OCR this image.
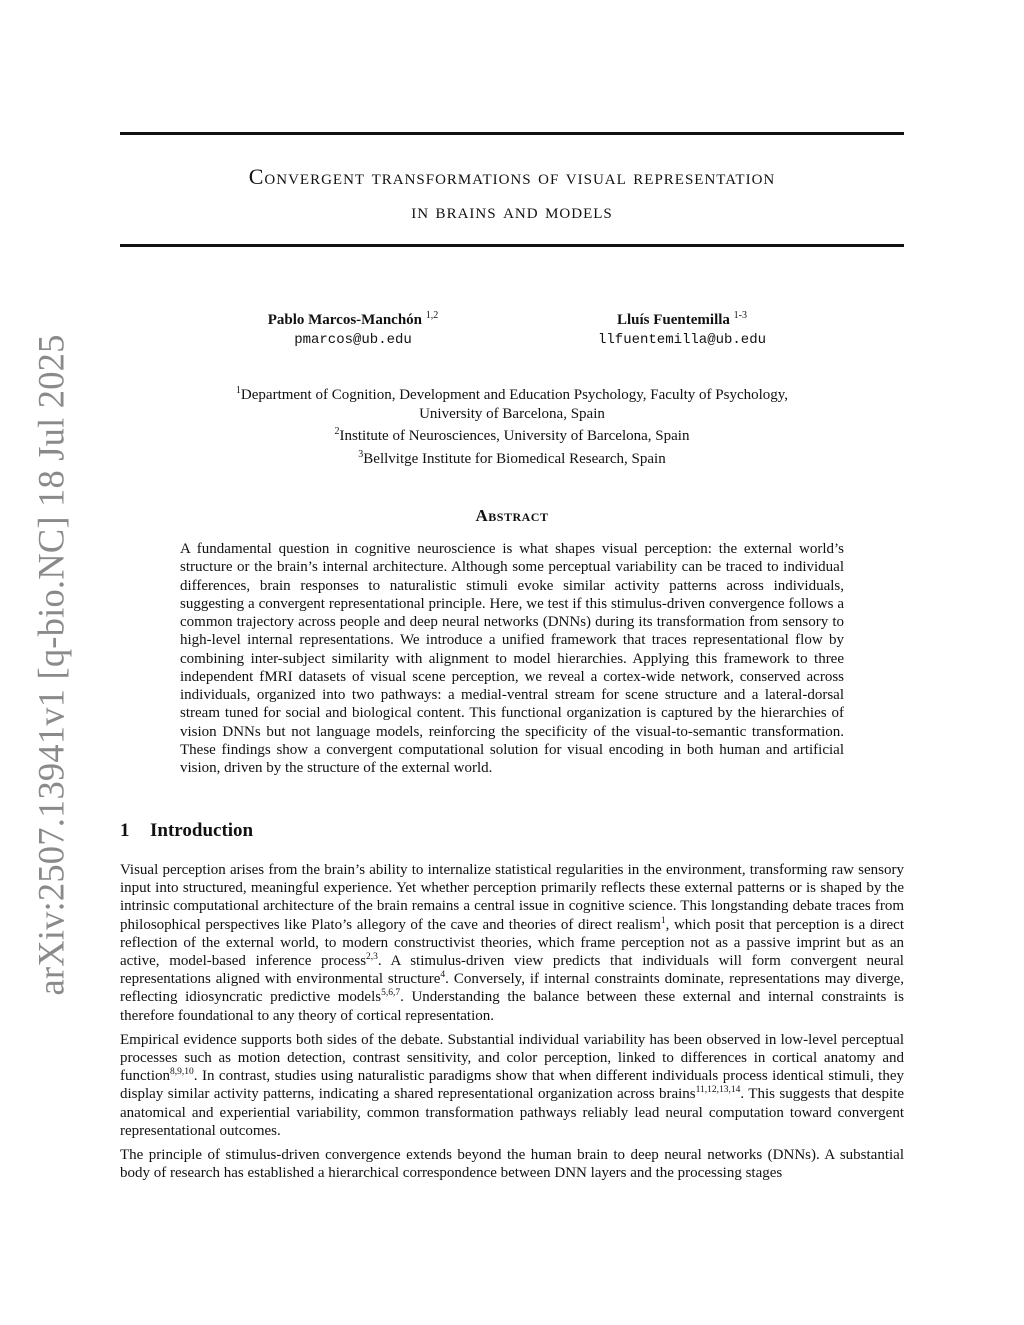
arXiv:2507.13941v1 [q-bio.NC] 18 Jul 2025
Convergent transformations of visual representation
in brains and models
Pablo Marcos-Manchón $^{1,2}$
pmarcos@ub.edu
Lluís Fuentemilla $^{1-3}$
llfuentemilla@ub.edu
$^1$Department of Cognition, Development and Education Psychology, Faculty of Psychology,
University of Barcelona, Spain
$^2$Institute of Neurosciences, University of Barcelona, Spain
$^3$Bellvitge Institute for Biomedical Research, Spain
Abstract

A fundamental question in cognitive neuroscience is what shapes visual perception: the external world’s structure or the brain’s internal architecture. Although some perceptual variability can be traced to individual differences, brain responses to naturalistic stimuli evoke similar activity patterns across individuals, suggesting a convergent representational principle. Here, we test if this stimulus-driven convergence follows a common trajectory across people and deep neural networks (DNNs) during its transformation from sensory to high-level internal representations. We introduce a unified framework that traces representational flow by combining inter-subject similarity with alignment to model hierarchies. Applying this framework to three independent fMRI datasets of visual scene perception, we reveal a cortex-wide network, conserved across individuals, organized into two pathways: a medial-ventral stream for scene structure and a lateral-dorsal stream tuned for social and biological content. This functional organization is captured by the hierarchies of vision DNNs but not language models, reinforcing the specificity of the visual-to-semantic transformation. These findings show a convergent computational solution for visual encoding in both human and artificial vision, driven by the structure of the external world.

1 Introduction

Visual perception arises from the brain’s ability to internalize statistical regularities in the environment, transforming raw sensory input into structured, meaningful experience. Yet whether perception primarily reflects these external patterns or is shaped by the intrinsic computational architecture of the brain remains a central issue in cognitive science. This longstanding debate traces from philosophical perspectives like Plato’s allegory of the cave and theories of direct realism$^1$, which posit that perception is a direct reflection of the external world, to modern constructivist theories, which frame perception not as a passive imprint but as an active, model-based inference process$^{2,3}$. A stimulus-driven view predicts that individuals will form convergent neural representations aligned with environmental structure$^4$. Conversely, if internal constraints dominate, representations may diverge, reflecting idiosyncratic predictive models$^{5,6,7}$. Understanding the balance between these external and internal constraints is therefore foundational to any theory of cortical representation.

Empirical evidence supports both sides of the debate. Substantial individual variability has been observed in low-level perceptual processes such as motion detection, contrast sensitivity, and color perception, linked to differences in cortical anatomy and function$^{8,9,10}$. In contrast, studies using naturalistic paradigms show that when different individuals process identical stimuli, they display similar activity patterns, indicating a shared representational organization across brains$^{11,12,13,14}$. This suggests that despite anatomical and experiential variability, common transformation pathways reliably lead neural computation toward convergent representational outcomes.

The principle of stimulus-driven convergence extends beyond the human brain to deep neural networks (DNNs). A substantial body of research has established a hierarchical correspondence between DNN layers and the processing stages
